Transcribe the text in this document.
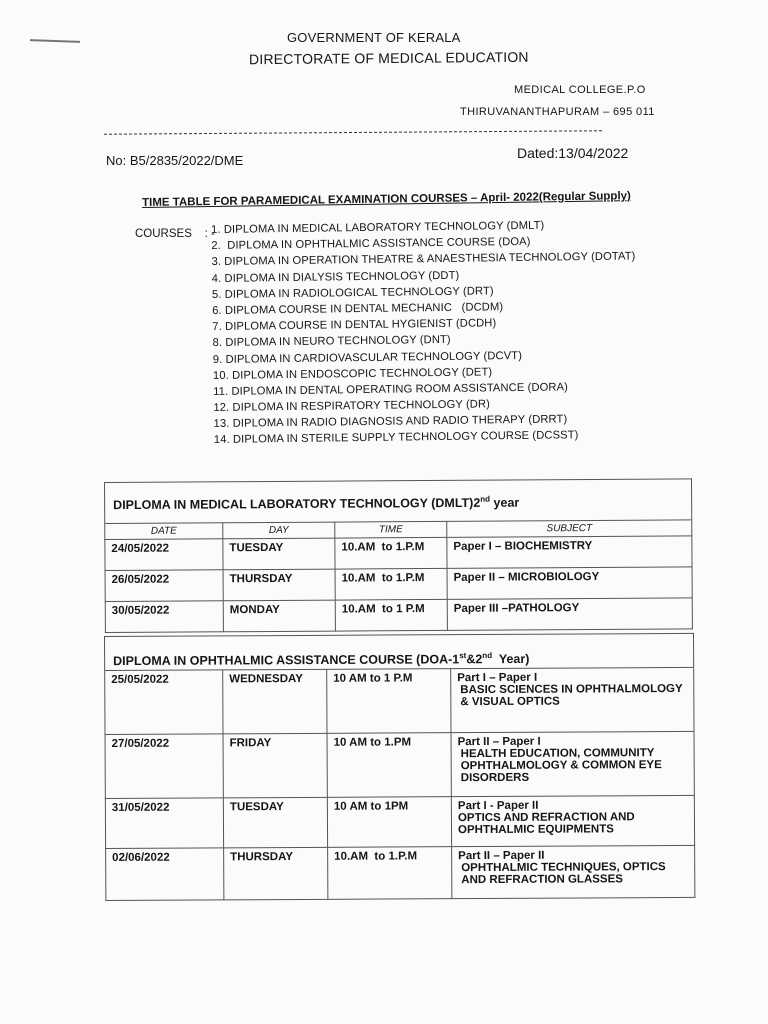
GOVERNMENT OF KERALA
DIRECTORATE OF MEDICAL EDUCATION
MEDICAL COLLEGE.P.O
THIRUVANANTHAPURAM – 695 011
No: B5/2835/2022/DME	Dated:13/04/2022
TIME TABLE FOR PARAMEDICAL EXAMINATION COURSES – April- 2022(Regular Supply)
COURSES    : -
1. DIPLOMA IN MEDICAL LABORATORY TECHNOLOGY (DMLT)
2.  DIPLOMA IN OPHTHALMIC ASSISTANCE COURSE (DOA)
3. DIPLOMA IN OPERATION THEATRE & ANAESTHESIA TECHNOLOGY (DOTAT)
4. DIPLOMA IN DIALYSIS TECHNOLOGY (DDT)
5. DIPLOMA IN RADIOLOGICAL TECHNOLOGY (DRT)
6. DIPLOMA COURSE IN DENTAL MECHANIC   (DCDM)
7. DIPLOMA COURSE IN DENTAL HYGIENIST (DCDH)
8. DIPLOMA IN NEURO TECHNOLOGY (DNT)
9. DIPLOMA IN CARDIOVASCULAR TECHNOLOGY (DCVT)
10. DIPLOMA IN ENDOSCOPIC TECHNOLOGY (DET)
11. DIPLOMA IN DENTAL OPERATING ROOM ASSISTANCE (DORA)
12. DIPLOMA IN RESPIRATORY TECHNOLOGY (DR)
13. DIPLOMA IN RADIO DIAGNOSIS AND RADIO THERAPY (DRRT)
14. DIPLOMA IN STERILE SUPPLY TECHNOLOGY COURSE (DCSST)
DIPLOMA IN MEDICAL LABORATORY TECHNOLOGY (DMLT)2nd year			
DATE	DAY	TIME	SUBJECT
24/05/2022	TUESDAY	10.AM  to 1.P.M	Paper I – BIOCHEMISTRY
26/05/2022	THURSDAY	10.AM  to 1.P.M	Paper II – MICROBIOLOGY
30/05/2022	MONDAY	10.AM  to 1 P.M	Paper III –PATHOLOGY
DIPLOMA IN OPHTHALMIC ASSISTANCE COURSE (DOA-1st&2nd  Year)			
25/05/2022	WEDNESDAY	10 AM to 1 P.M	Part I – Paper I
BASIC SCIENCES IN OPHTHALMOLOGY & VISUAL OPTICS

27/05/2022	FRIDAY	10 AM to 1.PM	Part II – Paper I
HEALTH EDUCATION, COMMUNITY OPHTHALMOLOGY & COMMON EYE DISORDERS

31/05/2022	TUESDAY	10 AM to 1PM	Part I - Paper II
OPTICS AND REFRACTION AND OPHTHALMIC EQUIPMENTS

02/06/2022	THURSDAY	10.AM  to 1.P.M	Part II – Paper II
OPHTHALMIC TECHNIQUES, OPTICS AND REFRACTION GLASSES
